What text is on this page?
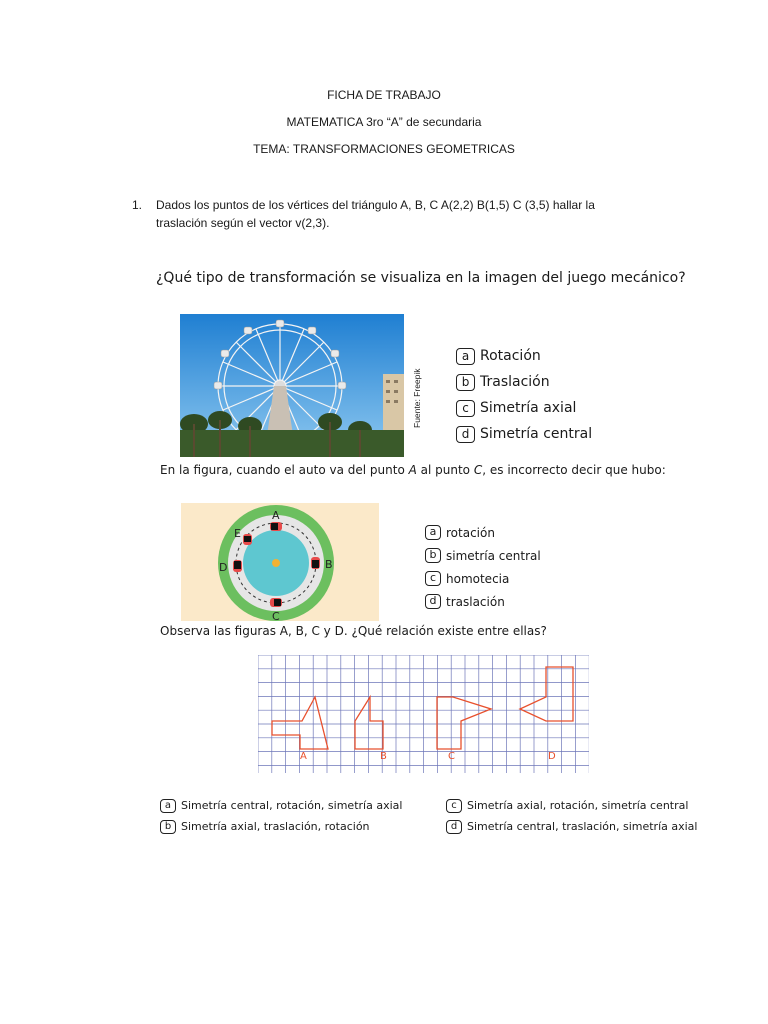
FICHA DE TRABAJO
MATEMATICA 3ro “A” de secundaria
TEMA: TRANSFORMACIONES GEOMETRICAS
1. Dados los puntos de los vértices del triángulo A, B, C A(2,2) B(1,5) C (3,5) hallar la
traslación según el vector v(2,3).
¿Qué tipo de transformación se visualiza en la imagen del juego mecánico?
Fuente: Freepik
a Rotación
b Traslación
c Simetría axial
d Simetría central
En la figura, cuando el auto va del punto A al punto C, es incorrecto decir que hubo:
A
E
D	B
C
a rotación
b simetría central
c homotecia
d traslación
Observa las figuras A, B, C y D. ¿Qué relación existe entre ellas?
A	B	C	D
a Simetría central, rotación, simetría axial
b Simetría axial, traslación, rotación
c Simetría axial, rotación, simetría central
d Simetría central, traslación, simetría axial
